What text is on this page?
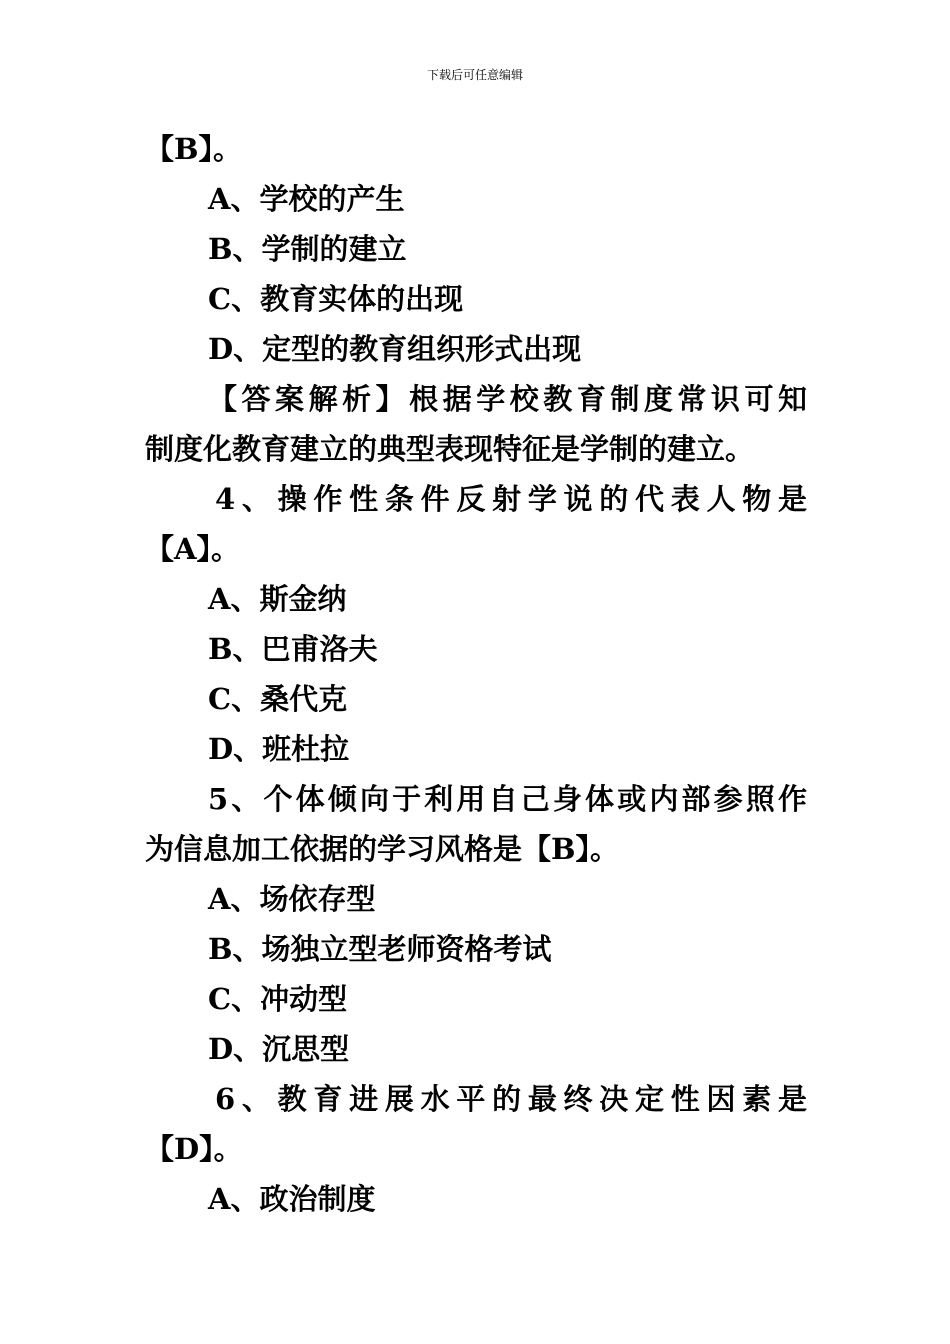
下载后可任意编辑
【B】。
A、学校的产生
B、学制的建立
C、教育实体的出现
D、定型的教育组织形式出现
【答案解析】根据学校教育制度常识可知
制度化教育建立的典型表现特征是学制的建立。
4、操作性条件反射学说的代表人物是
【A】。
A、斯金纳
B、巴甫洛夫
C、桑代克
D、班杜拉
5、个体倾向于利用自己身体或内部参照作
为信息加工依据的学习风格是【B】。
A、场依存型
B、场独立型老师资格考试
C、冲动型
D、沉思型
6、教育进展水平的最终决定性因素是
【D】。
A、政治制度
